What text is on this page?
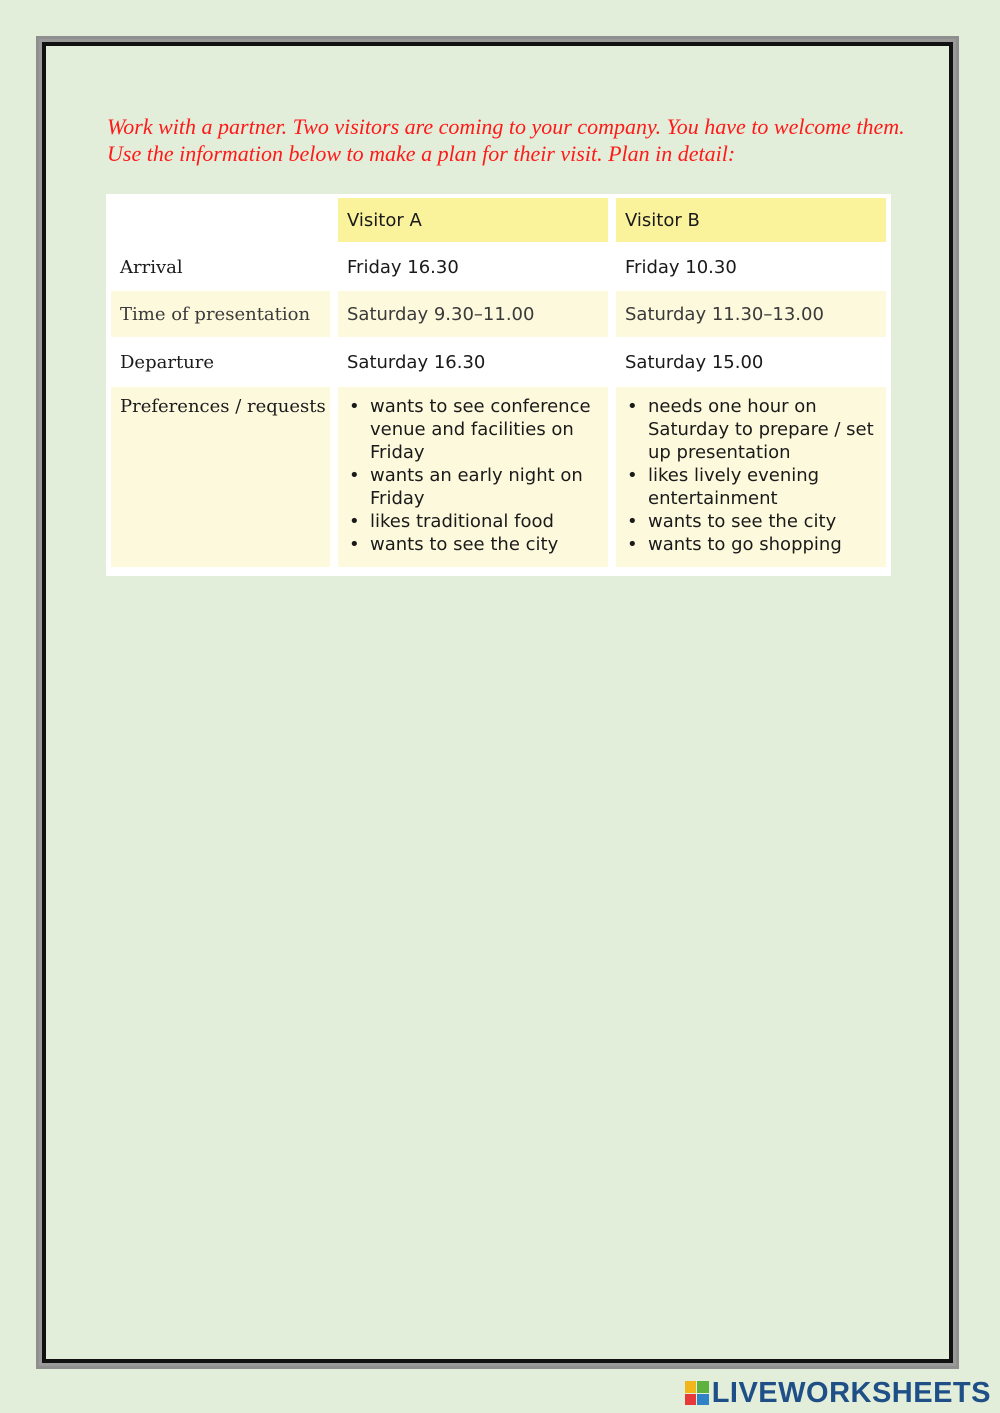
Work with a partner. Two visitors are coming to your company. You have to welcome them. Use the information below to make a plan for their visit. Plan in detail:

Visitor A	Visitor B
Arrival	Friday 16.30	Friday 10.30
Time of presentation	Saturday 9.30–11.00	Saturday 11.30–13.00
Departure	Saturday 16.30	Saturday 15.00
Preferences / requests
•	wants to see conference venue and facilities on Friday
• wants an early night on Friday
• likes traditional food
• wants to see the city
• needs one hour on Saturday to prepare / set up presentation
• likes lively evening entertainment
• wants to see the city
• wants to go shopping
LIVEWORKSHEETS
